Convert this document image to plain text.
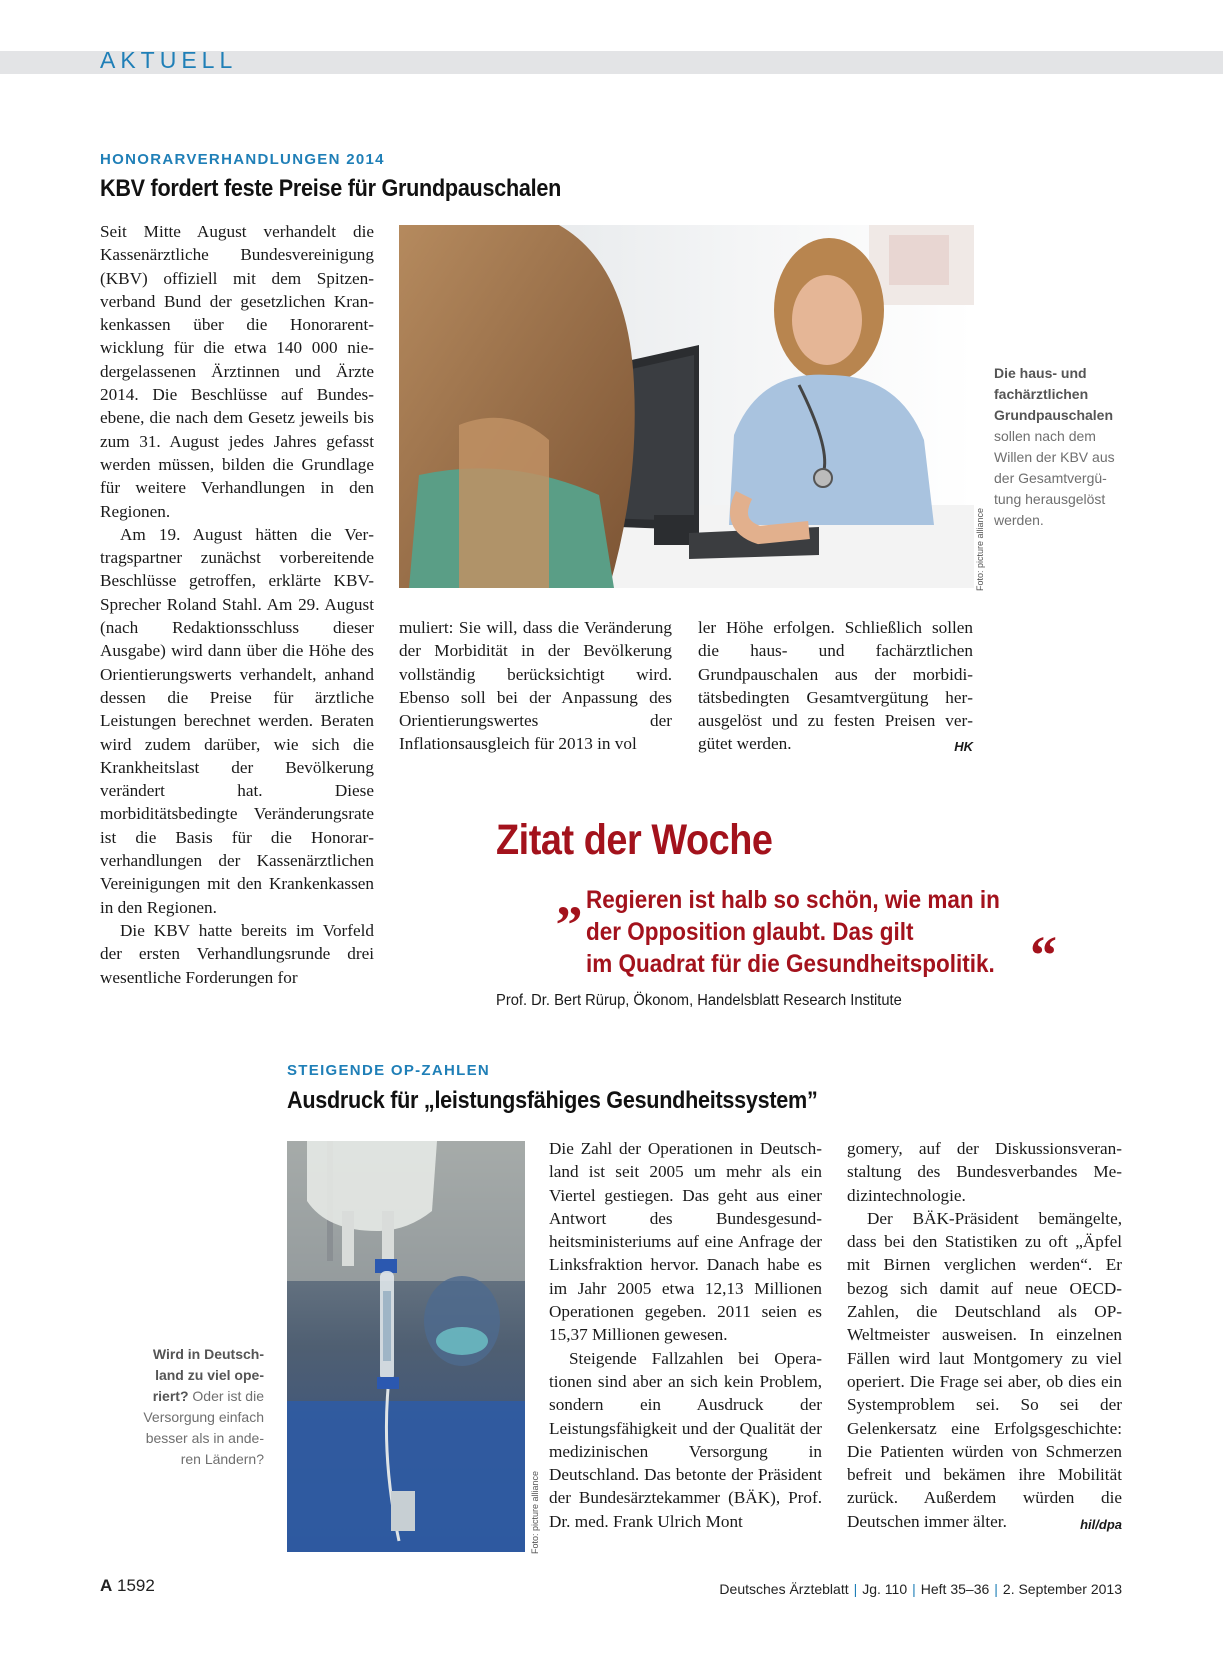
AKTUELL
HONORARVERHANDLUNGEN 2014
KBV fordert feste Preise für Grundpauschalen

Seit Mitte August verhandelt die Kassenärztliche Bundesvereinigung (KBV) offiziell mit dem Spitzenverband Bund der gesetzlichen Krankenkassen über die Honorarentwicklung für die etwa 140 000 niedergelassenen Ärztinnen und Ärzte 2014. Die Beschlüsse auf Bundesebene, die nach dem Gesetz jeweils bis zum 31. August jedes Jahres gefasst werden müssen, bilden die Grundlage für weitere Verhandlungen in den Regionen.

Am 19. August hätten die Vertragspartner zunächst vorbereitende Beschlüsse getroffen, erklärte KBV-Sprecher Roland Stahl. Am 29. August (nach Redaktionsschluss dieser Ausgabe) wird dann über die Höhe des Orientierungswerts verhandelt, anhand dessen die Preise für ärztliche Leistungen berechnet werden. Beraten wird zudem darüber, wie sich die Krankheitslast der Bevölkerung verändert hat. Diese morbiditätsbedingte Veränderungsrate ist die Basis für die Honorarverhandlungen der Kassenärztlichen Vereinigungen mit den Krankenkassen in den Regionen.

Die KBV hatte bereits im Vorfeld der ersten Verhandlungsrunde drei wesentliche Forderungen for

Foto: picture alliance
Die haus- und fachärztlichen Grundpauschalen sollen nach dem Willen der KBV aus der Gesamtvergütung herausgelöst werden.

muliert: Sie will, dass die Veränderung der Morbidität in der Bevölkerung vollständig berücksichtigt wird. Ebenso soll bei der Anpassung des Orientierungswertes der Inflationsausgleich für 2013 in vol

ler Höhe erfolgen. Schließlich sollen die haus- und fachärztlichen Grundpauschalen aus der morbiditätsbedingten Gesamtvergütung herausgelöst und zu festen Preisen vergütet werden.	HK

Zitat der Woche
„ Regieren ist halb so schön, wie man in
der Opposition glaubt. Das gilt
im Quadrat für die Gesundheitspolitik. “
Prof. Dr. Bert Rürup, Ökonom, Handelsblatt Research Institute
STEIGENDE OP-ZAHLEN
Ausdruck für „leistungsfähiges Gesundheitssystem”
Foto: picture alliance
Wird in Deutschland zu viel operiert? Oder ist die Versorgung einfach besser als in anderen Ländern?

Die Zahl der Operationen in Deutschland ist seit 2005 um mehr als ein Viertel gestiegen. Das geht aus einer Antwort des Bundesgesundheitsministeriums auf eine Anfrage der Linksfraktion hervor. Danach habe es im Jahr 2005 etwa 12,13 Millionen Operationen gegeben. 2011 seien es 15,37 Millionen gewesen.

Steigende Fallzahlen bei Operationen sind aber an sich kein Problem, sondern ein Ausdruck der Leistungsfähigkeit und der Qualität der medizinischen Versorgung in Deutschland. Das betonte der Präsident der Bundesärztekammer (BÄK), Prof. Dr. med. Frank Ulrich Mont

gomery, auf der Diskussionsveranstaltung des Bundesverbandes Medizintechnologie.

Der BÄK-Präsident bemängelte, dass bei den Statistiken zu oft „Äpfel mit Birnen verglichen werden“. Er bezog sich damit auf neue OECD-Zahlen, die Deutschland als OP-Weltmeister ausweisen. In einzelnen Fällen wird laut Montgomery zu viel operiert. Die Frage sei aber, ob dies ein Systemproblem sei. So sei der Gelenkersatz eine Erfolgsgeschichte: Die Patienten würden von Schmerzen befreit und bekämen ihre Mobilität zurück. Außerdem würden die Deutschen immer älter.	hil/dpa

A 1592	Deutsches Ärzteblatt | Jg. 110 | Heft 35–36 | 2. September 2013
